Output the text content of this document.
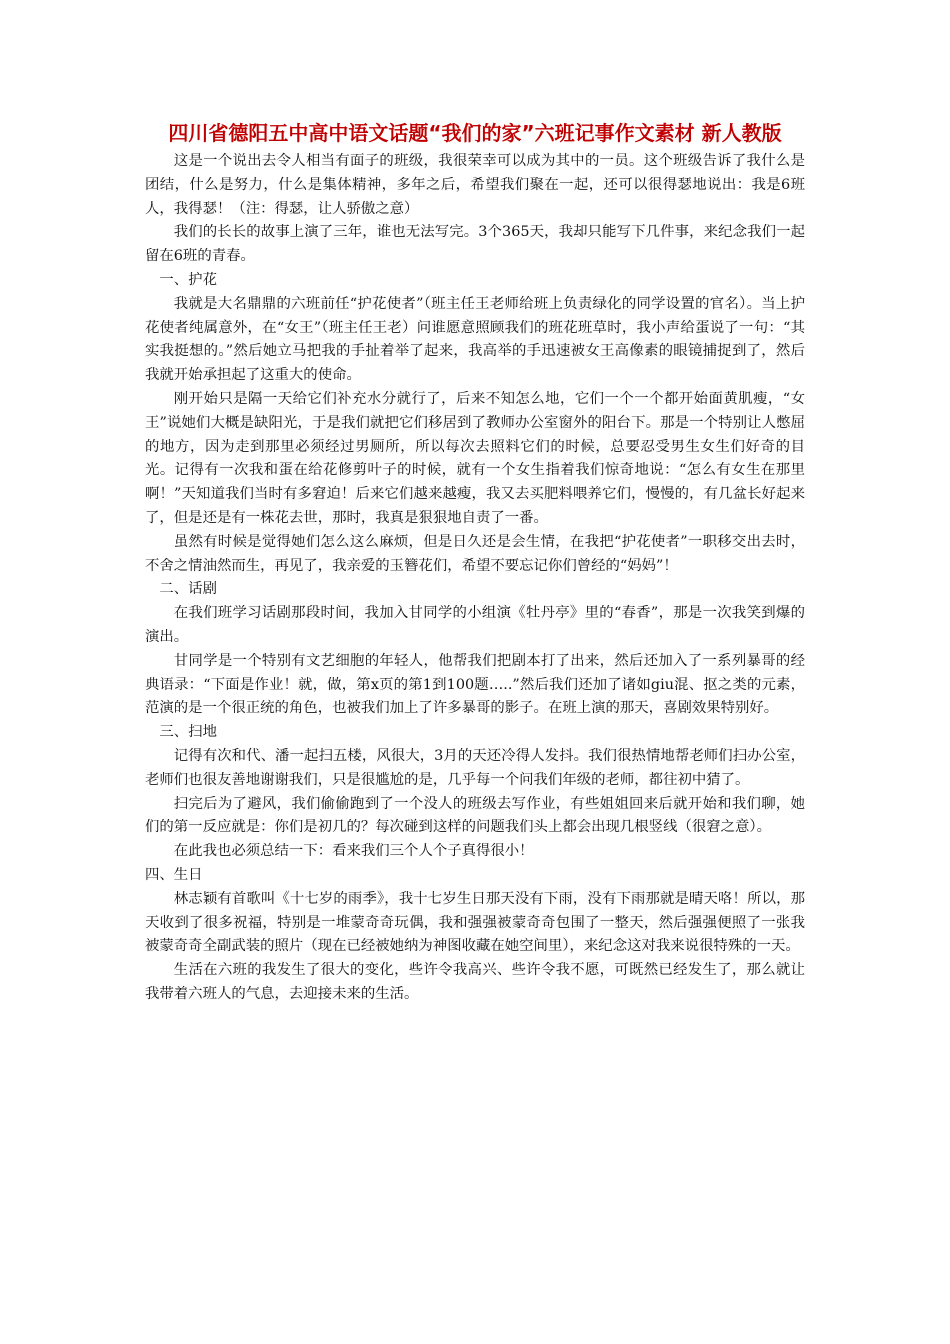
四川省德阳五中高中语文话题“我们的家”六班记事作文素材 新人教版

这是一个说出去令人相当有面子的班级，我很荣幸可以成为其中的一员。这个班级告诉了我什么是团结，什么是努力，什么是集体精神，多年之后，希望我们聚在一起，还可以很得瑟地说出：我是6班人，我得瑟！（注：得瑟，让人骄傲之意）

我们的长长的故事上演了三年，谁也无法写完。3个365天，我却只能写下几件事，来纪念我们一起留在6班的青春。

一、护花

我就是大名鼎鼎的六班前任“护花使者”（班主任王老师给班上负责绿化的同学设置的官名）。当上护花使者纯属意外，在“女王”（班主任王老）问谁愿意照顾我们的班花班草时，我小声给蛋说了一句：“其实我挺想的。”然后她立马把我的手扯着举了起来，我高举的手迅速被女王高像素的眼镜捕捉到了，然后我就开始承担起了这重大的使命。

刚开始只是隔一天给它们补充水分就行了，后来不知怎么地，它们一个一个都开始面黄肌瘦，“女王”说她们大概是缺阳光，于是我们就把它们移居到了教师办公室窗外的阳台下。那是一个特别让人憋屈的地方，因为走到那里必须经过男厕所，所以每次去照料它们的时候，总要忍受男生女生们好奇的目光。记得有一次我和蛋在给花修剪叶子的时候，就有一个女生指着我们惊奇地说：“怎么有女生在那里啊！”天知道我们当时有多窘迫！后来它们越来越瘦，我又去买肥料喂养它们，慢慢的，有几盆长好起来了，但是还是有一株花去世，那时，我真是狠狠地自责了一番。

虽然有时候是觉得她们怎么这么麻烦，但是日久还是会生情，在我把“护花使者”一职移交出去时，不舍之情油然而生，再见了，我亲爱的玉簪花们，希望不要忘记你们曾经的“妈妈”！

二、话剧

在我们班学习话剧那段时间，我加入甘同学的小组演《牡丹亭》里的“春香”，那是一次我笑到爆的演出。

甘同学是一个特别有文艺细胞的年轻人，他帮我们把剧本打了出来，然后还加入了一系列暴哥的经典语录：“下面是作业！就，做，第x页的第1到100题…..”然后我们还加了诸如giu混、抠之类的元素，范演的是一个很正统的角色，也被我们加上了许多暴哥的影子。在班上演的那天，喜剧效果特别好。

三、扫地

记得有次和代、潘一起扫五楼，风很大，3月的天还冷得人发抖。我们很热情地帮老师们扫办公室，老师们也很友善地谢谢我们，只是很尴尬的是，几乎每一个问我们年级的老师，都往初中猜了。

扫完后为了避风，我们偷偷跑到了一个没人的班级去写作业，有些姐姐回来后就开始和我们聊，她们的第一反应就是：你们是初几的？每次碰到这样的问题我们头上都会出现几根竖线（很窘之意）。

在此我也必须总结一下：看来我们三个人个子真得很小！

四、生日

林志颖有首歌叫《十七岁的雨季》，我十七岁生日那天没有下雨，没有下雨那就是晴天咯！所以，那天收到了很多祝福，特别是一堆蒙奇奇玩偶，我和强强被蒙奇奇包围了一整天，然后强强便照了一张我被蒙奇奇全副武装的照片（现在已经被她纳为神图收藏在她空间里），来纪念这对我来说很特殊的一天。

生活在六班的我发生了很大的变化，些许令我高兴、些许令我不愿，可既然已经发生了，那么就让我带着六班人的气息，去迎接未来的生活。
